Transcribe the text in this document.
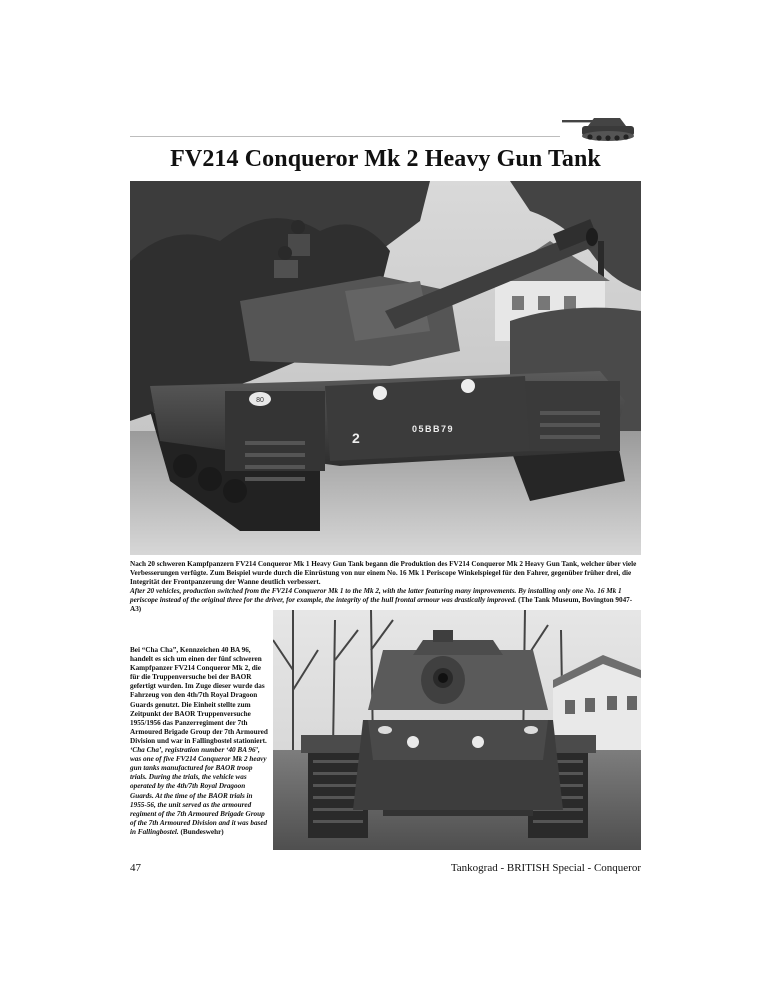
FV214 Conqueror Mk 2 Heavy Gun Tank
80
2
05BB79

Nach 20 schweren Kampfpanzern FV214 Conqueror Mk 1 Heavy Gun Tank begann die Produktion des FV214 Conqueror Mk 2 Heavy Gun Tank, welcher über viele Verbesserungen verfügte. Zum Beispiel wurde durch die Einrüstung von nur einem No. 16 Mk 1 Periscope Winkelspiegel für den Fahrer, gegenüber früher drei, die Integrität der Frontpanzerung der Wanne deutlich verbessert.

After 20 vehicles, production switched from the FV214 Conqueror Mk 1 to the Mk 2, with the latter featuring many improvements. By installing only one No. 16 Mk 1 periscope instead of the original three for the driver, for example, the integrity of the hull frontal armour was drastically improved. (The Tank Museum, Bovington 9047-A3)

Bei “Cha Cha”, Kennzeichen 40 BA 96, handelt es sich um einen der fünf schweren Kampfpanzer FV214 Conqueror Mk 2, die für die Truppenversuche bei der BAOR gefertigt wurden. Im Zuge dieser wurde das Fahrzeug von den 4th/7th Royal Dragoon Guards genutzt. Die Einheit stellte zum Zeitpunkt der BAOR Truppenversuche 1955/1956 das Panzerregiment der 7th Armoured Brigade Group der 7th Armoured Division und war in Fallingbostel stationiert.

‘Cha Cha’, registration number ‘40 BA 96’, was one of five FV214 Conqueror Mk 2 heavy gun tanks manufactured for BAOR troop trials. During the trials, the vehicle was operated by the 4th/7th Royal Dragoon Guards. At the time of the BAOR trials in 1955-56, the unit served as the armoured regiment of the 7th Armoured Brigade Group of the 7th Armoured Division and it was based in Fallingbostel. (Bundeswehr)

47	Tankograd - BRITISH Special - Conqueror
